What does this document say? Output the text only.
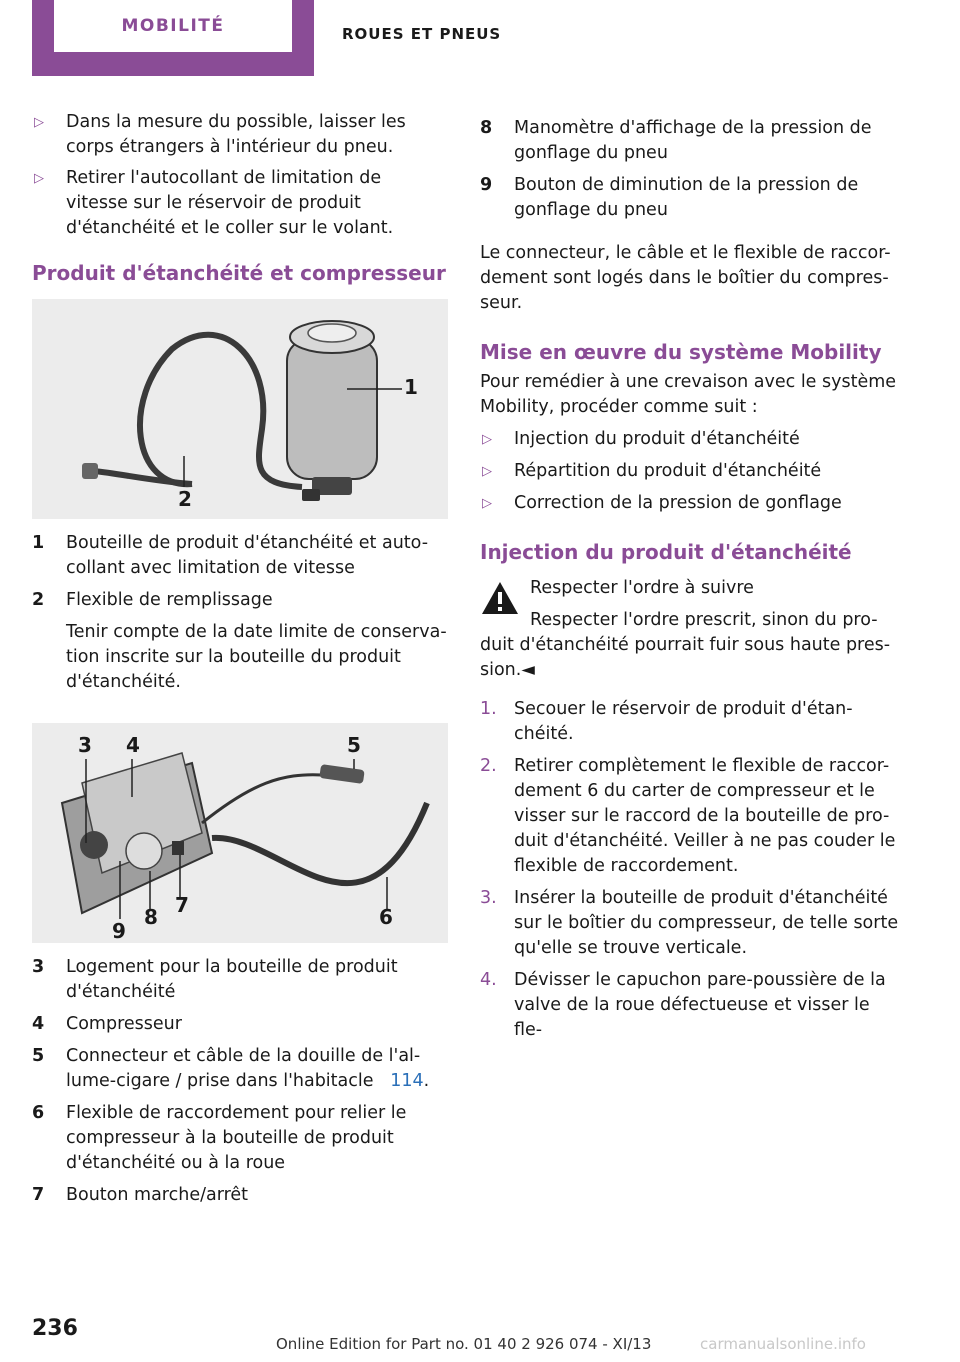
MOBILITÉ	ROUES ET PNEUS
▷ Dans la mesure du possible, laisser les corps étrangers à l'intérieur du pneu.

▷ Retirer l'autocollant de limitation de vitesse sur le réservoir de produit d'étanchéité et le coller sur le volant.

Produit d'étanchéité et compresseur
1
2
1 Bouteille de produit d'étanchéité et auto-collant avec limitation de vitesse

2 Flexible de remplissage

Tenir compte de la date limite de conserva-tion inscrite sur la bouteille du produit d'étanchéité.

3 4	5
6
7
8
9
3 Logement pour la bouteille de produit d'étanchéité

4 Compresseur

5 Connecteur et câble de la douille de l'al-lume-cigare / prise dans l'habitacle 114.

6 Flexible de raccordement pour relier le compresseur à la bouteille de produit d'étanchéité ou à la roue

7 Bouton marche/arrêt

8 Manomètre d'affichage de la pression de gonflage du pneu

9 Bouton de diminution de la pression de gonflage du pneu

Le connecteur, le câble et le flexible de raccor-dement sont logés dans le boîtier du compres-seur.

Mise en œuvre du système Mobility

Pour remédier à une crevaison avec le système Mobility, procéder comme suit :

▷ Injection du produit d'étanchéité

▷ Répartition du produit d'étanchéité

▷ Correction de la pression de gonflage

Injection du produit d'étanchéité

Respecter l'ordre à suivre

Respecter l'ordre prescrit, sinon du pro-duit d'étanchéité pourrait fuir sous haute pres-sion.◄

1. Secouer le réservoir de produit d'étan-chéité.

2. Retirer complètement le flexible de raccor-dement 6 du carter de compresseur et le visser sur le raccord de la bouteille de pro-duit d'étanchéité. Veiller à ne pas couder le flexible de raccordement.

3. Insérer la bouteille de produit d'étanchéité sur le boîtier du compresseur, de telle sorte qu'elle se trouve verticale.

4. Dévisser le capuchon pare-poussière de la valve de la roue défectueuse et visser le fle-

236
Online Edition for Part no. 01 40 2 926 074 - XI/13	carmanualsonline.info
